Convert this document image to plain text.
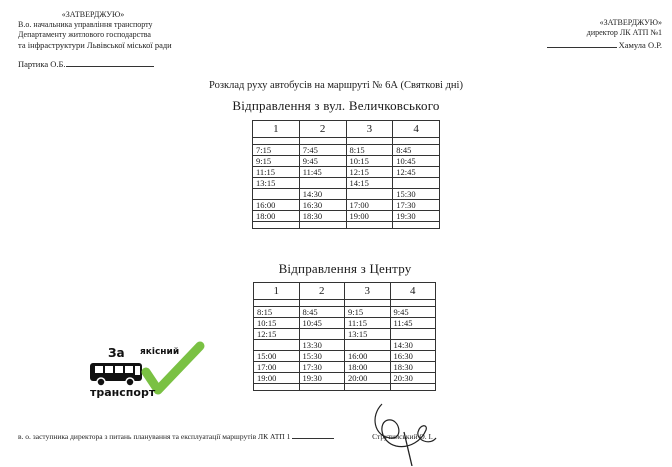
«ЗАТВЕРДЖУЮ»
В.о. начальника управління транспорту
Департаменту житлового господарства
та інфраструктури Львівської міської ради
Партика О.Б.
«ЗАТВЕРДЖУЮ»
директор ЛК АТП №1
Хамула О.Р.
Розклад руху автобусів на маршруті № 6А (Святкові дні)
Відправлення з вул. Величковського
1	2	3	4

7:15	7:45	8:15	8:45
9:15	9:45	10:15	10:45
11:15	11:45	12:15	12:45
13:15		14:15	
	14:30		15:30
16:00	16:30	17:00	17:30
18:00	18:30	19:00	19:30

Відправлення з Центру
1	2	3	4

8:15	8:45	9:15	9:45
10:15	10:45	11:15	11:45
12:15		13:15	
	13:30		14:30
15:00	15:30	16:00	16:30
17:00	17:30	18:00	18:30
19:00	19:30	20:00	20:30

За якісний
транспорт
в. о. заступника директора з питань планування та експлуатації маршрутів ЛК АТП 1	Струтинський О. І.
